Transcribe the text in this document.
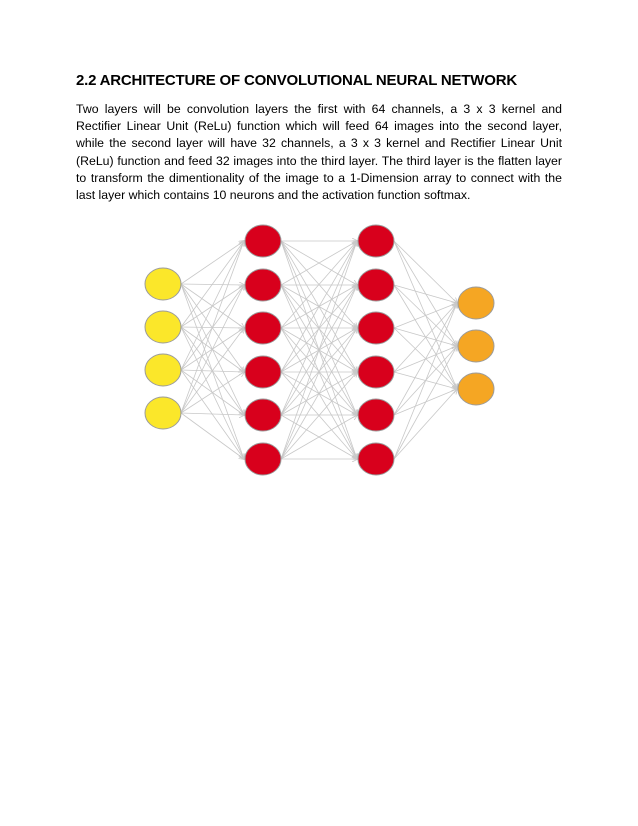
2.2 ARCHITECTURE OF CONVOLUTIONAL NEURAL NETWORK

Two layers will be convolution layers the first with 64 channels, a 3 x 3 kernel and Rectifier Linear Unit (ReLu) function which will feed 64 images into the second layer, while the second layer will have 32 channels, a 3 x 3 kernel and Rectifier Linear Unit (ReLu) function and feed 32 images into the third layer. The third layer is the flatten layer to transform the dimentionality of the image to a 1-Dimension array to connect with the last layer which contains 10 neurons and the activation function softmax.
